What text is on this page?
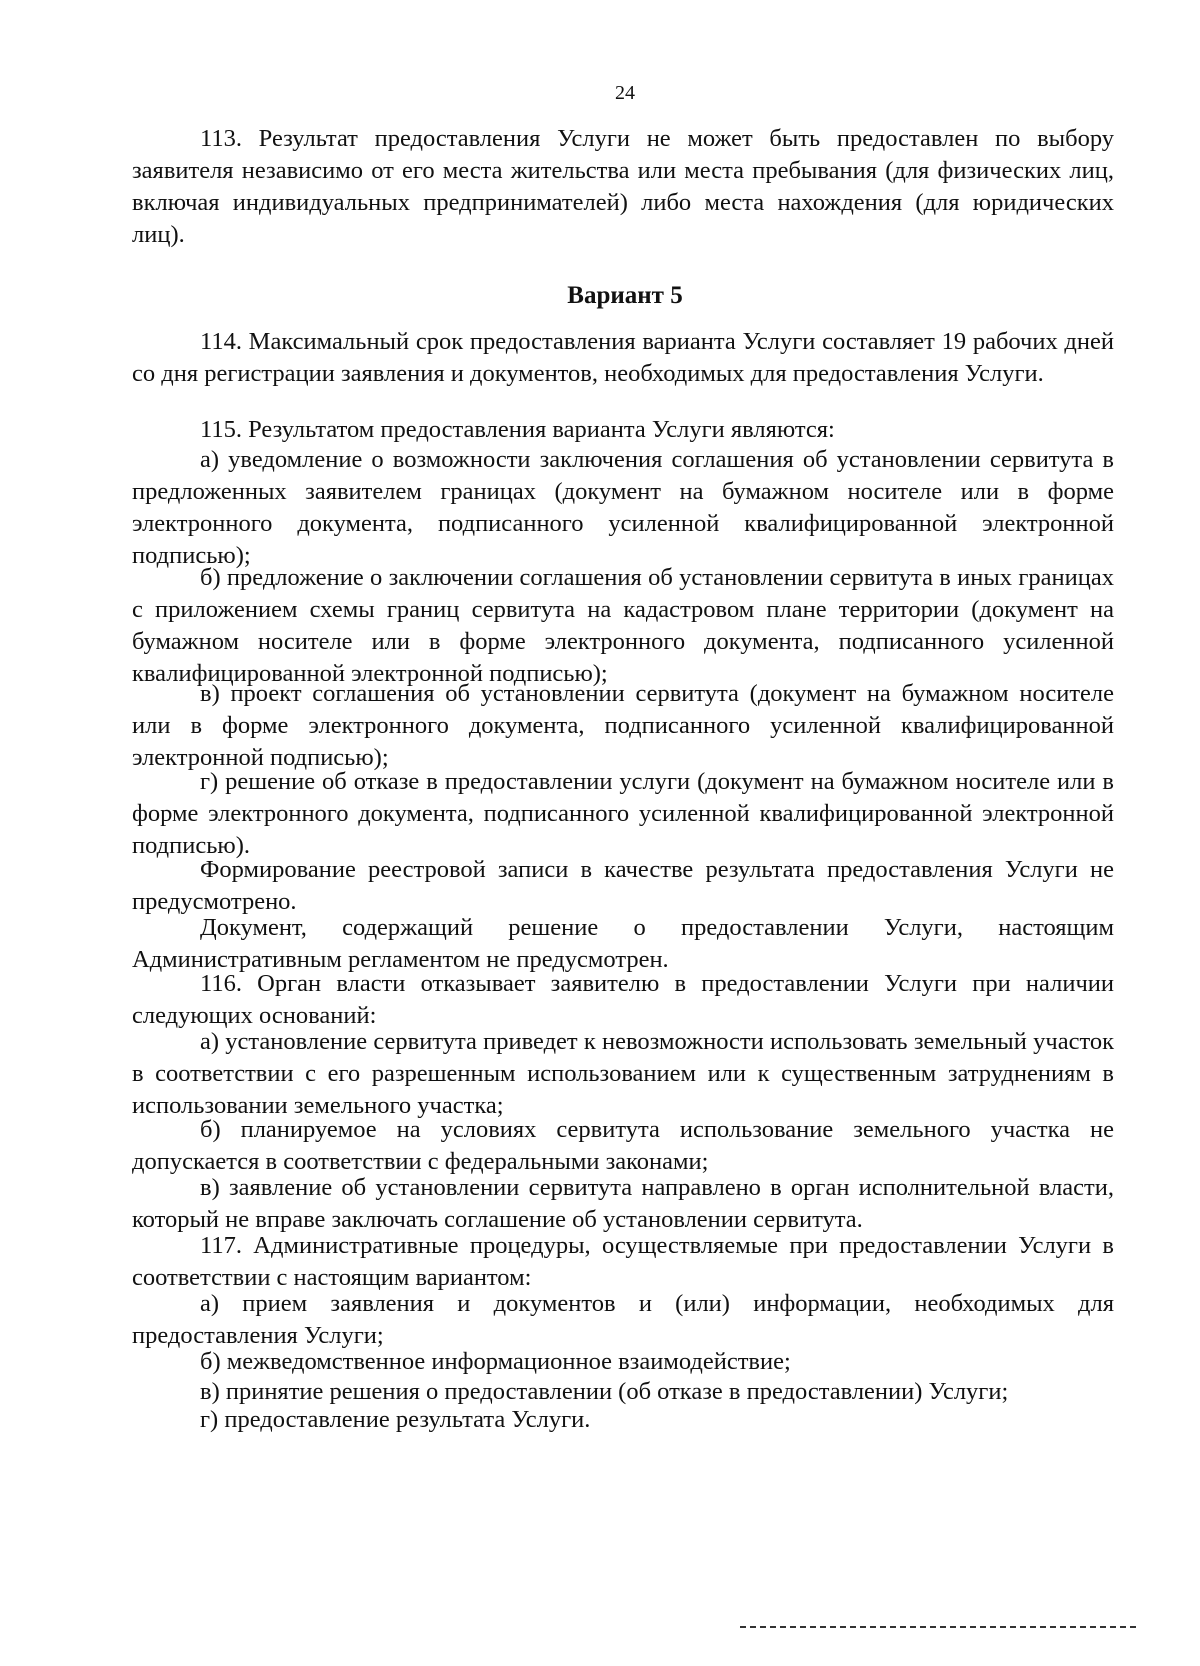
24
113. Результат предоставления Услуги не может быть предоставлен по выбору заявителя независимо от его места жительства или места пребывания (для физических лиц, включая индивидуальных предпринимателей) либо места нахождения (для юридических лиц).
Вариант 5
114. Максимальный срок предоставления варианта Услуги составляет 19 рабочих дней со дня регистрации заявления и документов, необходимых для предоставления Услуги.
115. Результатом предоставления варианта Услуги являются:
а) уведомление о возможности заключения соглашения об установлении сервитута в предложенных заявителем границах (документ на бумажном носителе или в форме электронного документа, подписанного усиленной квалифицированной электронной подписью);
б) предложение о заключении соглашения об установлении сервитута в иных границах с приложением схемы границ сервитута на кадастровом плане территории (документ на бумажном носителе или в форме электронного документа, подписанного усиленной квалифицированной электронной подписью);
в) проект соглашения об установлении сервитута (документ на бумажном носителе или в форме электронного документа, подписанного усиленной квалифицированной электронной подписью);
г) решение об отказе в предоставлении услуги (документ на бумажном носителе или в форме электронного документа, подписанного усиленной квалифицированной электронной подписью).
Формирование реестровой записи в качестве результата предоставления Услуги не предусмотрено.
Документ, содержащий решение о предоставлении Услуги, настоящим Административным регламентом не предусмотрен.
116. Орган власти отказывает заявителю в предоставлении Услуги при наличии следующих оснований:
а) установление сервитута приведет к невозможности использовать земельный участок в соответствии с его разрешенным использованием или к существенным затруднениям в использовании земельного участка;
б) планируемое на условиях сервитута использование земельного участка не допускается в соответствии с федеральными законами;
в) заявление об установлении сервитута направлено в орган исполнительной власти, который не вправе заключать соглашение об установлении сервитута.
117. Административные процедуры, осуществляемые при предоставлении Услуги в соответствии с настоящим вариантом:
а) прием заявления и документов и (или) информации, необходимых для предоставления Услуги;
б) межведомственное информационное взаимодействие;
в) принятие решения о предоставлении (об отказе в предоставлении) Услуги;
г) предоставление результата Услуги.
